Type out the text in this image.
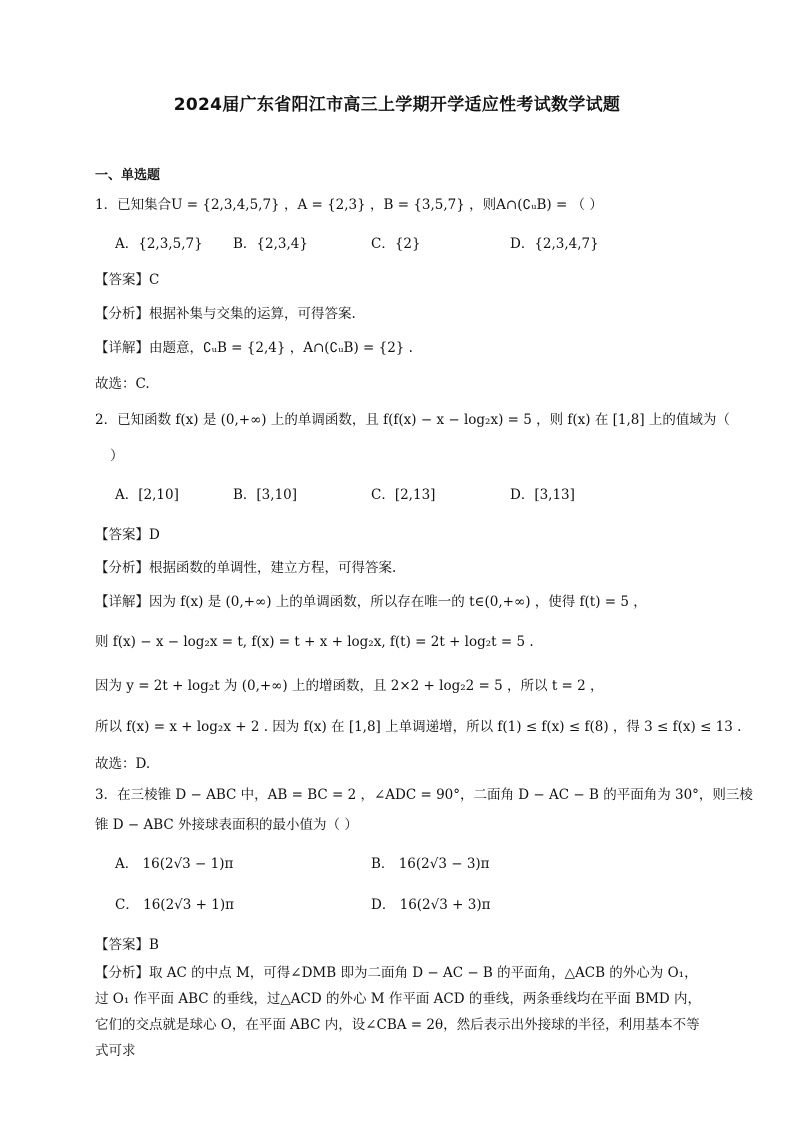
2024届广东省阳江市高三上学期开学适应性考试数学试题
一、单选题
1．已知集合U = {2,3,4,5,7} ，A = {2,3} ，B = {3,5,7} ，则A∩(∁ᵤB) = （ ）
A．{2,3,5,7} B．{2,3,4}	C．{2}	D．{2,3,4,7}
【答案】C
【分析】根据补集与交集的运算，可得答案.
【详解】由题意，∁ᵤB = {2,4} ，A∩(∁ᵤB) = {2} .
故选：C.
2．已知函数 f(x) 是 (0,+∞) 上的单调函数，且 f(f(x) − x − log₂x) = 5 ，则 f(x) 在 [1,8] 上的值域为（
）
A．[2,10]	B．[3,10]	C．[2,13]	D．[3,13]
【答案】D
【分析】根据函数的单调性，建立方程，可得答案.
【详解】因为 f(x) 是 (0,+∞) 上的单调函数，所以存在唯一的 t∈(0,+∞) ，使得 f(t) = 5 ，
则 f(x) − x − log₂x = t, f(x) = t + x + log₂x, f(t) = 2t + log₂t = 5 .
因为 y = 2t + log₂t 为 (0,+∞) 上的增函数，且 2×2 + log₂2 = 5 ，所以 t = 2 ，
所以 f(x) = x + log₂x + 2 . 因为 f(x) 在 [1,8] 上单调递增，所以 f(1) ≤ f(x) ≤ f(8) ，得 3 ≤ f(x) ≤ 13 .
故选：D.
3．在三棱锥 D − ABC 中，AB = BC = 2 ，∠ADC = 90°，二面角 D − AC − B 的平面角为 30°，则三棱
锥 D − ABC 外接球表面积的最小值为（ ）
A． 16(2√3 − 1)π	B． 16(2√3 − 3)π
C． 16(2√3 + 1)π	D． 16(2√3 + 3)π
【答案】B
【分析】取 AC 的中点 M，可得∠DMB 即为二面角 D − AC − B 的平面角，△ACB 的外心为 O₁，过 O₁ 作平面 ABC 的垂线，过△ACD 的外心 M 作平面 ACD 的垂线，两条垂线均在平面 BMD 内，它们的交点就是球心 O，在平面 ABC 内，设∠CBA = 2θ，然后表示出外接球的半径，利用基本不等式可求
